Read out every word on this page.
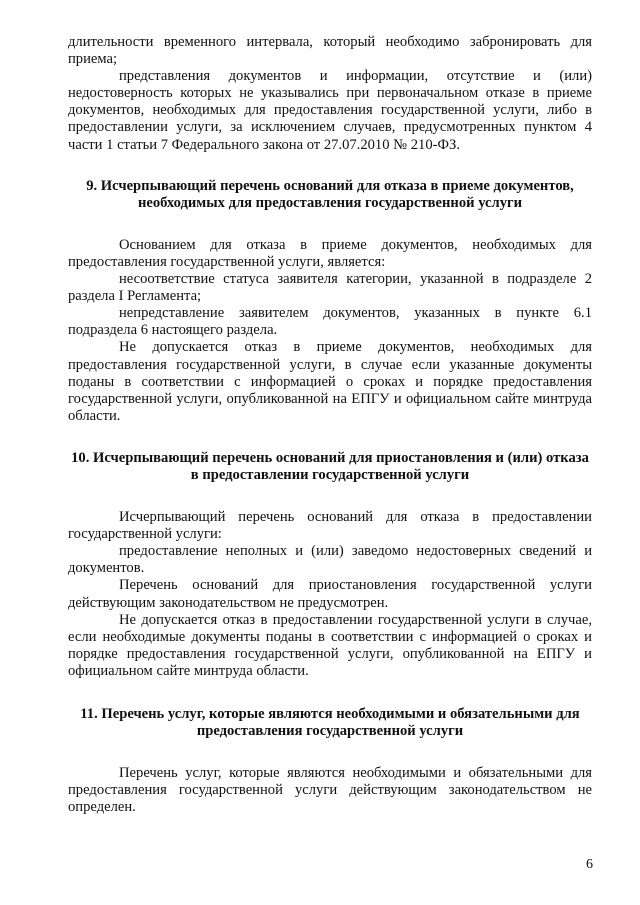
длительности временного интервала, который необходимо забронировать для приема;

представления документов и информации, отсутствие и (или) недостоверность которых не указывались при первоначальном отказе в приеме документов, необходимых для предоставления государственной услуги, либо в предоставлении услуги, за исключением случаев, предусмотренных пунктом 4 части 1 статьи 7 Федерального закона от 27.07.2010 № 210-ФЗ.

9. Исчерпывающий перечень оснований для отказа в приеме документов, необходимых для предоставления государственной услуги

Основанием для отказа в приеме документов, необходимых для предоставления государственной услуги, является:

несоответствие статуса заявителя категории, указанной в подразделе 2 раздела I Регламента;

непредставление заявителем документов, указанных в пункте 6.1 подраздела 6 настоящего раздела.

Не допускается отказ в приеме документов, необходимых для предоставления государственной услуги, в случае если указанные документы поданы в соответствии с информацией о сроках и порядке предоставления государственной услуги, опубликованной на ЕПГУ и официальном сайте минтруда области.

10. Исчерпывающий перечень оснований для приостановления и (или) отказа в предоставлении государственной услуги

Исчерпывающий перечень оснований для отказа в предоставлении государственной услуги:

предоставление неполных и (или) заведомо недостоверных сведений и документов.

Перечень оснований для приостановления государственной услуги действующим законодательством не предусмотрен.

Не допускается отказ в предоставлении государственной услуги в случае, если необходимые документы поданы в соответствии с информацией о сроках и порядке предоставления государственной услуги, опубликованной на ЕПГУ и официальном сайте минтруда области.

11. Перечень услуг, которые являются необходимыми и обязательными для предоставления государственной услуги

Перечень услуг, которые являются необходимыми и обязательными для предоставления государственной услуги действующим законодательством не определен.

6
